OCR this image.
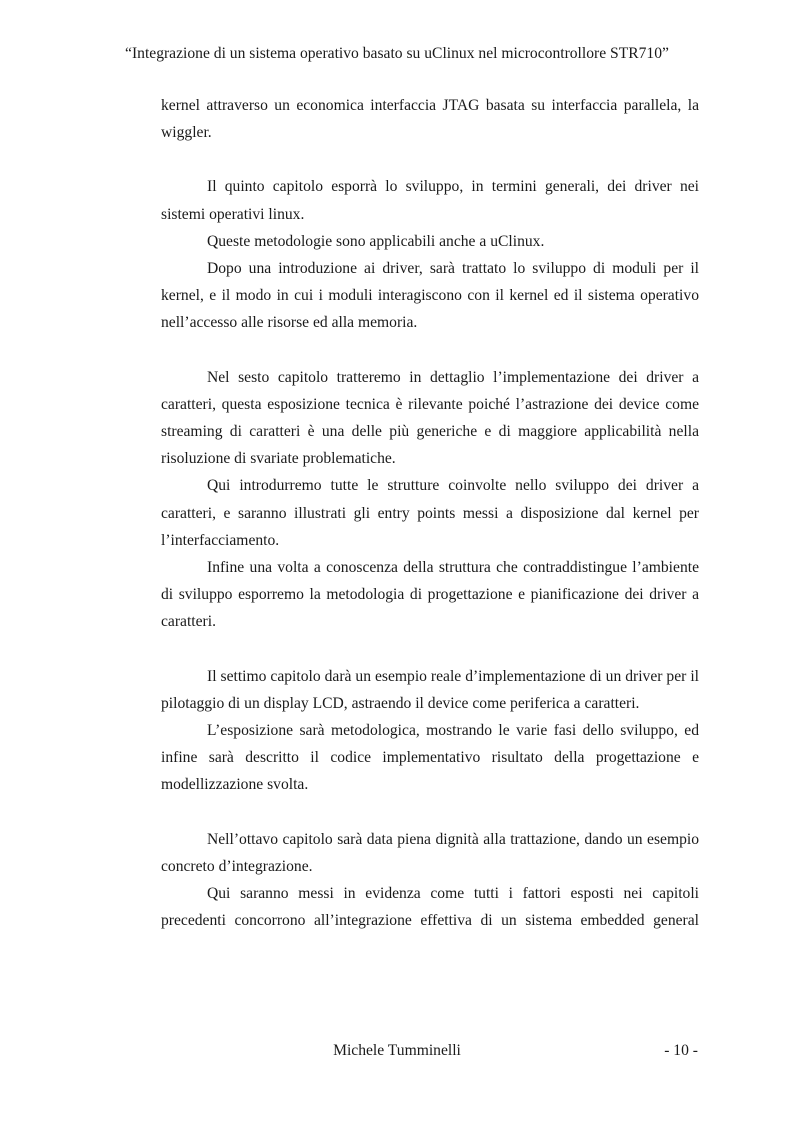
“Integrazione di un sistema operativo basato su uClinux nel microcontrollore STR710”

kernel attraverso un economica interfaccia JTAG basata su interfaccia parallela, la wiggler.

Il quinto capitolo esporrà lo sviluppo, in termini generali, dei driver nei sistemi operativi linux.

Queste metodologie sono applicabili anche a uClinux.

Dopo una introduzione ai driver, sarà trattato lo sviluppo di moduli per il kernel, e il modo in cui i moduli interagiscono con il kernel ed il sistema operativo nell’accesso alle risorse ed alla memoria.

Nel sesto capitolo tratteremo in dettaglio l’implementazione dei driver a caratteri, questa esposizione tecnica è rilevante poiché l’astrazione dei device come streaming di caratteri è una delle più generiche e di maggiore applicabilità nella risoluzione di svariate problematiche.

Qui introdurremo tutte le strutture coinvolte nello sviluppo dei driver a caratteri, e saranno illustrati gli entry points messi a disposizione dal kernel per l’interfacciamento.

Infine una volta a conoscenza della struttura che contraddistingue l’ambiente di sviluppo esporremo la metodologia di progettazione e pianificazione dei driver a caratteri.

Il settimo capitolo darà un esempio reale d’implementazione di un driver per il pilotaggio di un display LCD, astraendo il device come periferica a caratteri.

L’esposizione sarà metodologica, mostrando le varie fasi dello sviluppo, ed infine sarà descritto il codice implementativo risultato della progettazione e modellizzazione svolta.

Nell’ottavo capitolo sarà data piena dignità alla trattazione, dando un esempio concreto d’integrazione.

Qui saranno messi in evidenza come tutti i fattori esposti nei capitoli precedenti concorrono all’integrazione effettiva di un sistema embedded general

Michele Tumminelli	- 10 -
